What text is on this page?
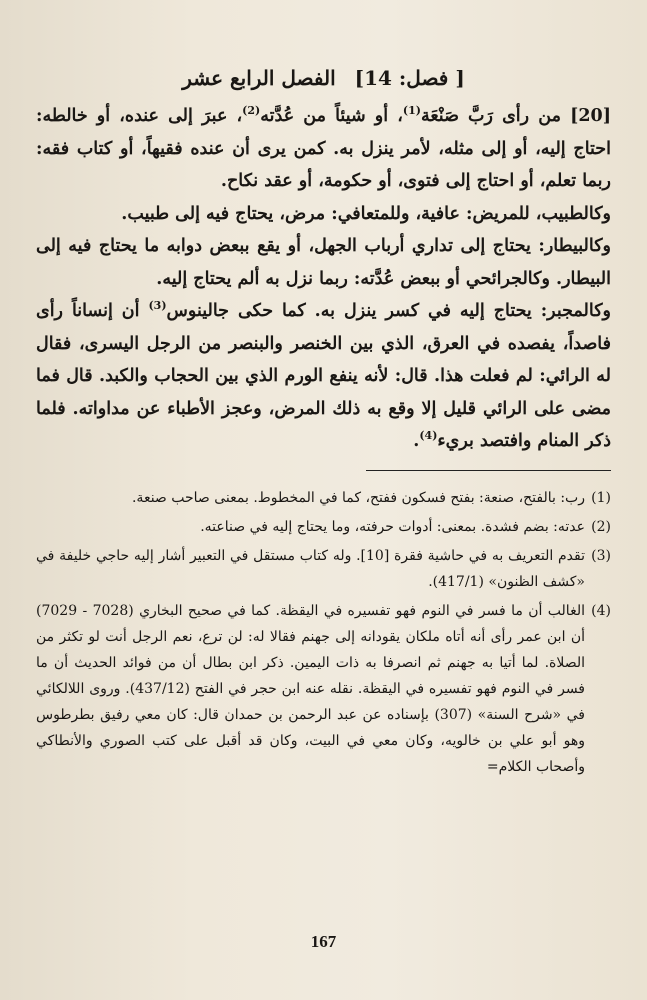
[ فصل: 14] الفصل الرابع عشر

[20] من رأى رَبَّ صَنْعَة$^{(1)}$، أو شيئاً من عُدَّته$^{(2)}$، عبرَ إلى عنده، أو خالطه: احتاج إليه، أو إلى مثله، لأمر ينزل به. كمن يرى أن عنده فقيهاً، أو كتاب فقه: ربما تعلم، أو احتاج إلى فتوى، أو حكومة، أو عقد نكاح.

وكالطبيب، للمريض: عافية، وللمتعافي: مرض، يحتاج فيه إلى طبيب.

وكالبيطار: يحتاج إلى تداري أرباب الجهل، أو يقع ببعض دوابه ما يحتاج فيه إلى البيطار. وكالجرائحي أو ببعض عُدَّته: ربما نزل به ألم يحتاج إليه.

وكالمجبر: يحتاج إليه في كسر ينزل به. كما حكى جالينوس$^{(3)}$ أن إنساناً رأى فاصداً، يفصده في العرق، الذي بين الخنصر والبنصر من الرجل اليسرى، فقال له الرائي: لم فعلت هذا. قال: لأنه ينفع الورم الذي بين الحجاب والكبد. قال فما مضى على الرائي قليل إلا وقع به ذلك المرض، وعجز الأطباء عن مداواته. فلما ذكر المنام وافتصد بريء$^{(4)}$.

(1)
رب: بالفتح، صنعة: بفتح فسكون ففتح، كما في المخطوط. بمعنى صاحب صنعة.
(2)
عدته: بضم فشدة. بمعنى: أدوات حرفته، وما يحتاج إليه في صناعته.
(3)
تقدم التعريف به في حاشية فقرة [10]. وله كتاب مستقل في التعبير أشار إليه حاجي خليفة في «كشف الظنون» (417/1).
(4)
الغالب أن ما فسر في النوم فهو تفسيره في اليقظة. كما في صحيح البخاري (7028 - 7029) أن ابن عمر رأى أنه أتاه ملكان يقودانه إلى جهنم فقالا له: لن ترع، نعم الرجل أنت لو تكثر من الصلاة. لما أتيا به جهنم ثم انصرفا به ذات اليمين. ذكر ابن بطال أن من فوائد الحديث أن ما فسر في النوم فهو تفسيره في اليقظة. نقله عنه ابن حجر في الفتح (437/12). وروى اللالكائي في «شرح السنة» (307) بإسناده عن عبد الرحمن بن حمدان قال: كان معي رفيق بطرطوس وهو أبو علي بن خالويه، وكان معي في البيت، وكان قد أقبل على كتب الصوري والأنطاكي وأصحاب الكلام=
167
